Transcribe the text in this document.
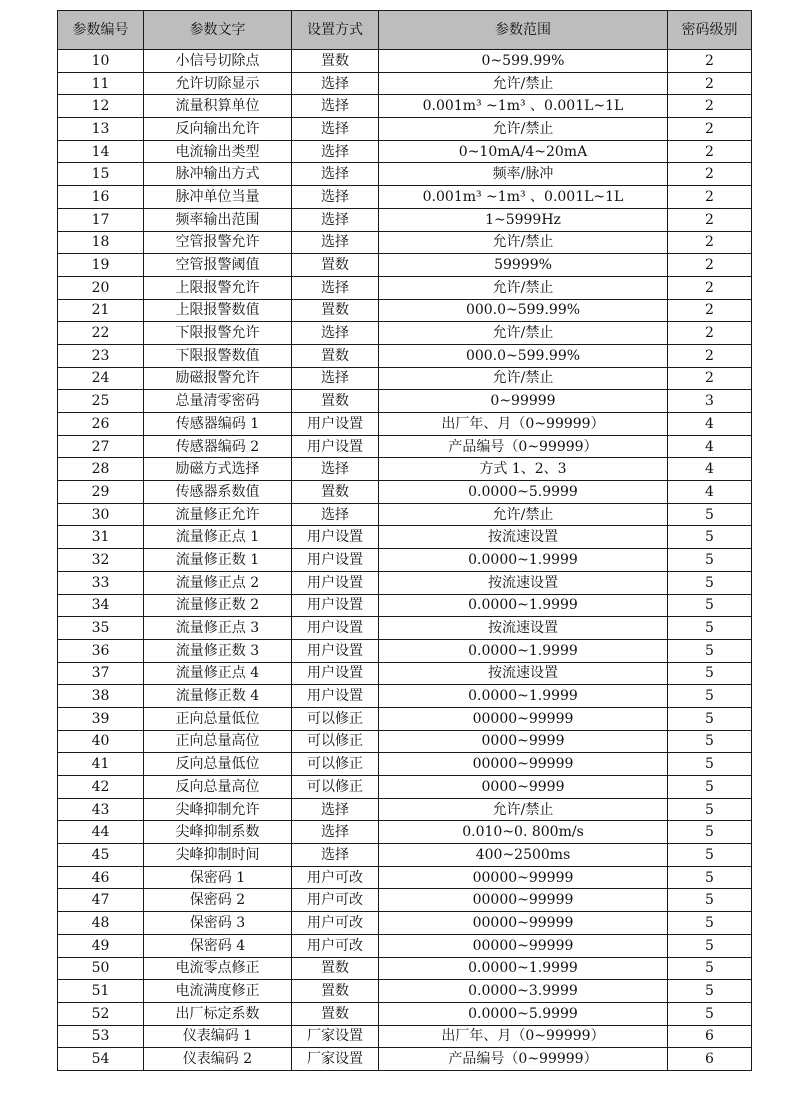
参数编号	参数文字	设置方式	参数范围	密码级别
10	小信号切除点	置数	0~599.99%	2
11	允许切除显示	选择	允许/禁止	2
12	流量积算单位	选择	0.001m³ ~1m³ 、0.001L~1L	2
13	反向输出允许	选择	允许/禁止	2
14	电流输出类型	选择	0~10mA/4~20mA	2
15	脉冲输出方式	选择	频率/脉冲	2
16	脉冲单位当量	选择	0.001m³ ~1m³ 、0.001L~1L	2
17	频率输出范围	选择	1~5999Hz	2
18	空管报警允许	选择	允许/禁止	2
19	空管报警阈值	置数	59999%	2
20	上限报警允许	选择	允许/禁止	2
21	上限报警数值	置数	000.0~599.99%	2
22	下限报警允许	选择	允许/禁止	2
23	下限报警数值	置数	000.0~599.99%	2
24	励磁报警允许	选择	允许/禁止	2
25	总量清零密码	置数	0~99999	3
26	传感器编码 1	用户设置	出厂年、月（0~99999）	4
27	传感器编码 2	用户设置	产品编号（0~99999）	4
28	励磁方式选择	选择	方式 1、2、3	4
29	传感器系数值	置数	0.0000~5.9999	4
30	流量修正允许	选择	允许/禁止	5
31	流量修正点 1	用户设置	按流速设置	5
32	流量修正数 1	用户设置	0.0000~1.9999	5
33	流量修正点 2	用户设置	按流速设置	5
34	流量修正数 2	用户设置	0.0000~1.9999	5
35	流量修正点 3	用户设置	按流速设置	5
36	流量修正数 3	用户设置	0.0000~1.9999	5
37	流量修正点 4	用户设置	按流速设置	5
38	流量修正数 4	用户设置	0.0000~1.9999	5
39	正向总量低位	可以修正	00000~99999	5
40	正向总量高位	可以修正	0000~9999	5
41	反向总量低位	可以修正	00000~99999	5
42	反向总量高位	可以修正	0000~9999	5
43	尖峰抑制允许	选择	允许/禁止	5
44	尖峰抑制系数	选择	0.010~0. 800m/s	5
45	尖峰抑制时间	选择	400~2500ms	5
46	保密码 1	用户可改	00000~99999	5
47	保密码 2	用户可改	00000~99999	5
48	保密码 3	用户可改	00000~99999	5
49	保密码 4	用户可改	00000~99999	5
50	电流零点修正	置数	0.0000~1.9999	5
51	电流满度修正	置数	0.0000~3.9999	5
52	出厂标定系数	置数	0.0000~5.9999	5
53	仪表编码 1	厂家设置	出厂年、月（0~99999）	6
54	仪表编码 2	厂家设置	产品编号（0~99999）	6
